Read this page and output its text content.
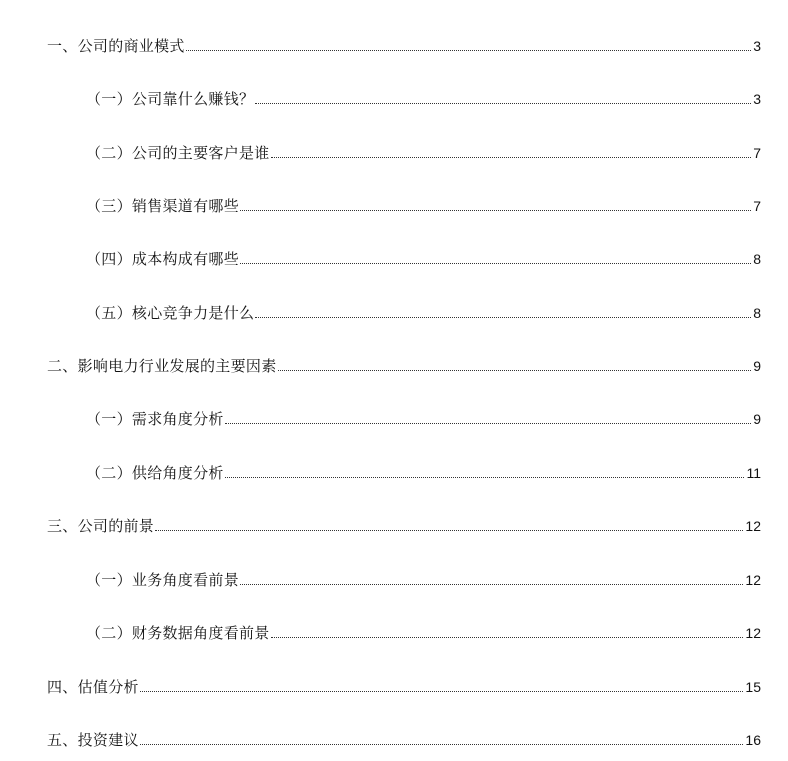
一、公司的商业模式	3
（一）公司靠什么赚钱？	3
（二）公司的主要客户是谁	7
（三）销售渠道有哪些	7
（四）成本构成有哪些	8
（五）核心竞争力是什么	8
二、影响电力行业发展的主要因素	9
（一）需求角度分析	9
（二）供给角度分析	11
三、公司的前景	12
（一）业务角度看前景	12
（二）财务数据角度看前景	12
四、估值分析	15
五、投资建议	16
